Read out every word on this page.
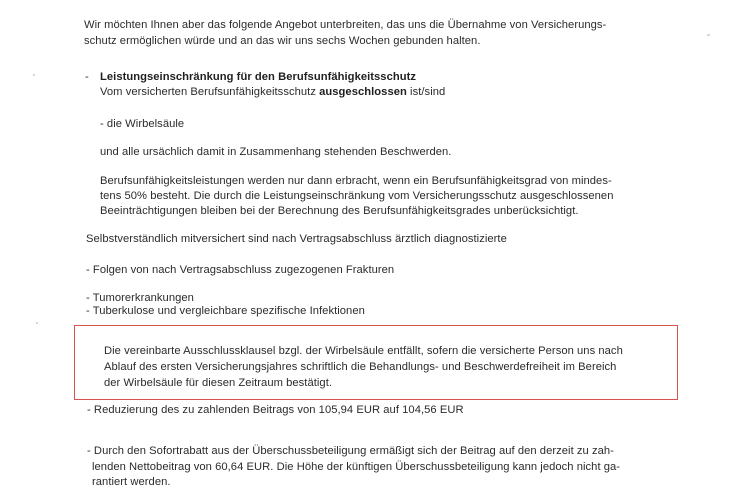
Wir möchten Ihnen aber das folgende Angebot unterbreiten, das uns die Übernahme von Versicherungs-
schutz ermöglichen würde und an das wir uns sechs Wochen gebunden halten.
- Leistungseinschränkung für den Berufsunfähigkeitsschutz
Vom versicherten Berufsunfähigkeitsschutz ausgeschlossen ist/sind
- die Wirbelsäule
und alle ursächlich damit in Zusammenhang stehenden Beschwerden.
Berufsunfähigkeitsleistungen werden nur dann erbracht, wenn ein Berufsunfähigkeitsgrad von mindes-
tens 50% besteht. Die durch die Leistungseinschränkung vom Versicherungsschutz ausgeschlossenen
Beeinträchtigungen bleiben bei der Berechnung des Berufsunfähigkeitsgrades unberücksichtigt.
Selbstverständlich mitversichert sind nach Vertragsabschluss ärztlich diagnostizierte
- Folgen von nach Vertragsabschluss zugezogenen Frakturen
- Tumorerkrankungen
- Tuberkulose und vergleichbare spezifische Infektionen
Die vereinbarte Ausschlussklausel bzgl. der Wirbelsäule entfällt, sofern die versicherte Person uns nach
Ablauf des ersten Versicherungsjahres schriftlich die Behandlungs- und Beschwerdefreiheit im Bereich
der Wirbelsäule für diesen Zeitraum bestätigt.
- Reduzierung des zu zahlenden Beitrags von 105,94 EUR auf 104,56 EUR
- Durch den Sofortrabatt aus der Überschussbeteiligung ermäßigt sich der Beitrag auf den derzeit zu zah-
lenden Nettobeitrag von 60,64 EUR. Die Höhe der künftigen Überschussbeteiligung kann jedoch nicht ga-
rantiert werden.
